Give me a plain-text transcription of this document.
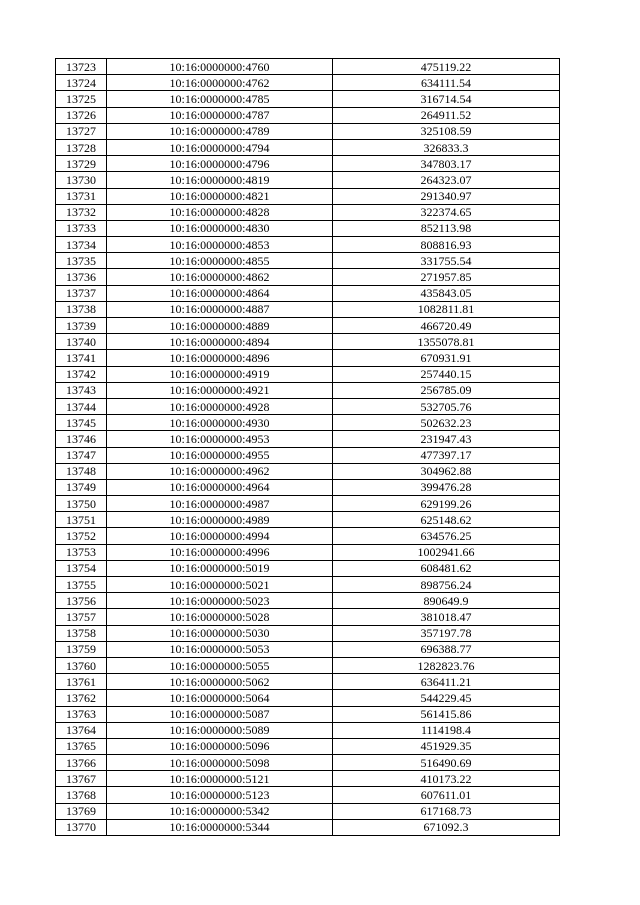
13723	10:16:0000000:4760	475119.22
13724	10:16:0000000:4762	634111.54
13725	10:16:0000000:4785	316714.54
13726	10:16:0000000:4787	264911.52
13727	10:16:0000000:4789	325108.59
13728	10:16:0000000:4794	326833.3
13729	10:16:0000000:4796	347803.17
13730	10:16:0000000:4819	264323.07
13731	10:16:0000000:4821	291340.97
13732	10:16:0000000:4828	322374.65
13733	10:16:0000000:4830	852113.98
13734	10:16:0000000:4853	808816.93
13735	10:16:0000000:4855	331755.54
13736	10:16:0000000:4862	271957.85
13737	10:16:0000000:4864	435843.05
13738	10:16:0000000:4887	1082811.81
13739	10:16:0000000:4889	466720.49
13740	10:16:0000000:4894	1355078.81
13741	10:16:0000000:4896	670931.91
13742	10:16:0000000:4919	257440.15
13743	10:16:0000000:4921	256785.09
13744	10:16:0000000:4928	532705.76
13745	10:16:0000000:4930	502632.23
13746	10:16:0000000:4953	231947.43
13747	10:16:0000000:4955	477397.17
13748	10:16:0000000:4962	304962.88
13749	10:16:0000000:4964	399476.28
13750	10:16:0000000:4987	629199.26
13751	10:16:0000000:4989	625148.62
13752	10:16:0000000:4994	634576.25
13753	10:16:0000000:4996	1002941.66
13754	10:16:0000000:5019	608481.62
13755	10:16:0000000:5021	898756.24
13756	10:16:0000000:5023	890649.9
13757	10:16:0000000:5028	381018.47
13758	10:16:0000000:5030	357197.78
13759	10:16:0000000:5053	696388.77
13760	10:16:0000000:5055	1282823.76
13761	10:16:0000000:5062	636411.21
13762	10:16:0000000:5064	544229.45
13763	10:16:0000000:5087	561415.86
13764	10:16:0000000:5089	1114198.4
13765	10:16:0000000:5096	451929.35
13766	10:16:0000000:5098	516490.69
13767	10:16:0000000:5121	410173.22
13768	10:16:0000000:5123	607611.01
13769	10:16:0000000:5342	617168.73
13770	10:16:0000000:5344	671092.3
